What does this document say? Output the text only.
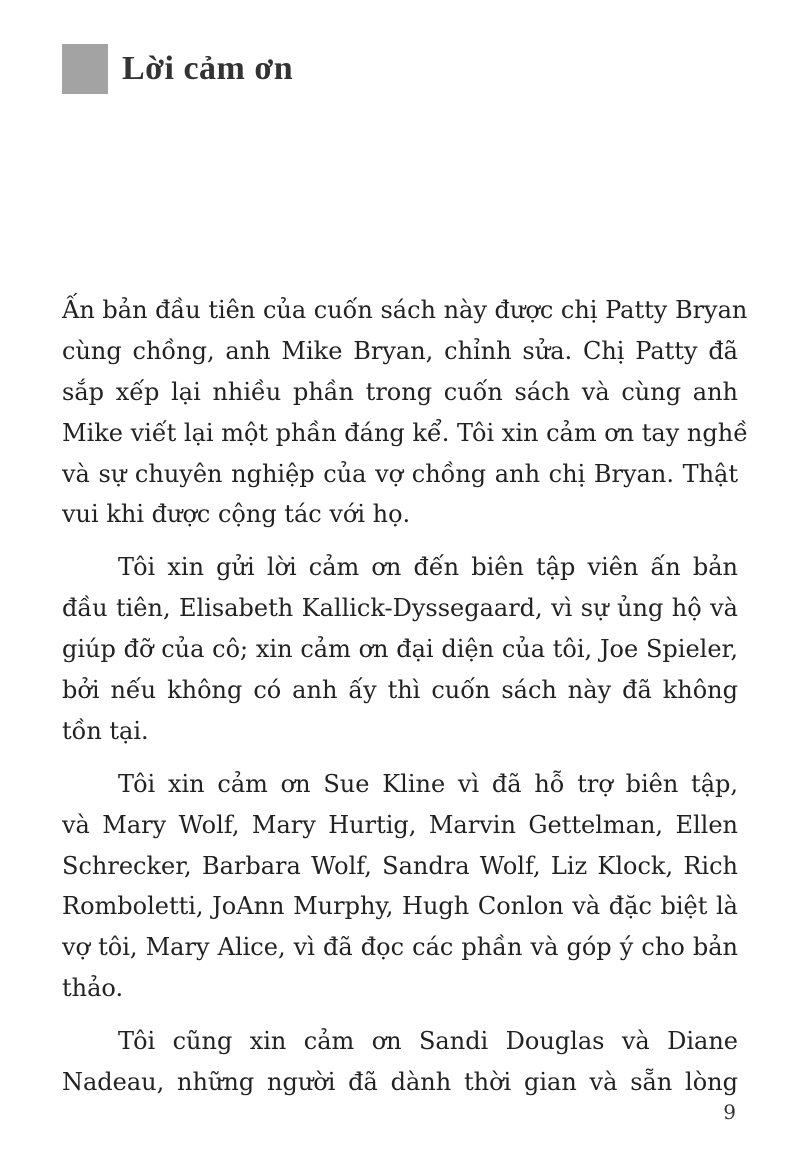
Lời cảm ơn
Ấn bản đầu tiên của cuốn sách này được chị Patty Bryan
cùng chồng, anh Mike Bryan, chỉnh sửa. Chị Patty đã
sắp xếp lại nhiều phần trong cuốn sách và cùng anh
Mike viết lại một phần đáng kể. Tôi xin cảm ơn tay nghề
và sự chuyên nghiệp của vợ chồng anh chị Bryan. Thật
vui khi được cộng tác với họ.
Tôi xin gửi lời cảm ơn đến biên tập viên ấn bản
đầu tiên, Elisabeth Kallick-Dyssegaard, vì sự ủng hộ và
giúp đỡ của cô; xin cảm ơn đại diện của tôi, Joe Spieler,
bởi nếu không có anh ấy thì cuốn sách này đã không
tồn tại.
Tôi xin cảm ơn Sue Kline vì đã hỗ trợ biên tập,
và Mary Wolf, Mary Hurtig, Marvin Gettelman, Ellen
Schrecker, Barbara Wolf, Sandra Wolf, Liz Klock, Rich
Romboletti, JoAnn Murphy, Hugh Conlon và đặc biệt là
vợ tôi, Mary Alice, vì đã đọc các phần và góp ý cho bản
thảo.
Tôi cũng xin cảm ơn Sandi Douglas và Diane
Nadeau, những người đã dành thời gian và sẵn lòng
9
